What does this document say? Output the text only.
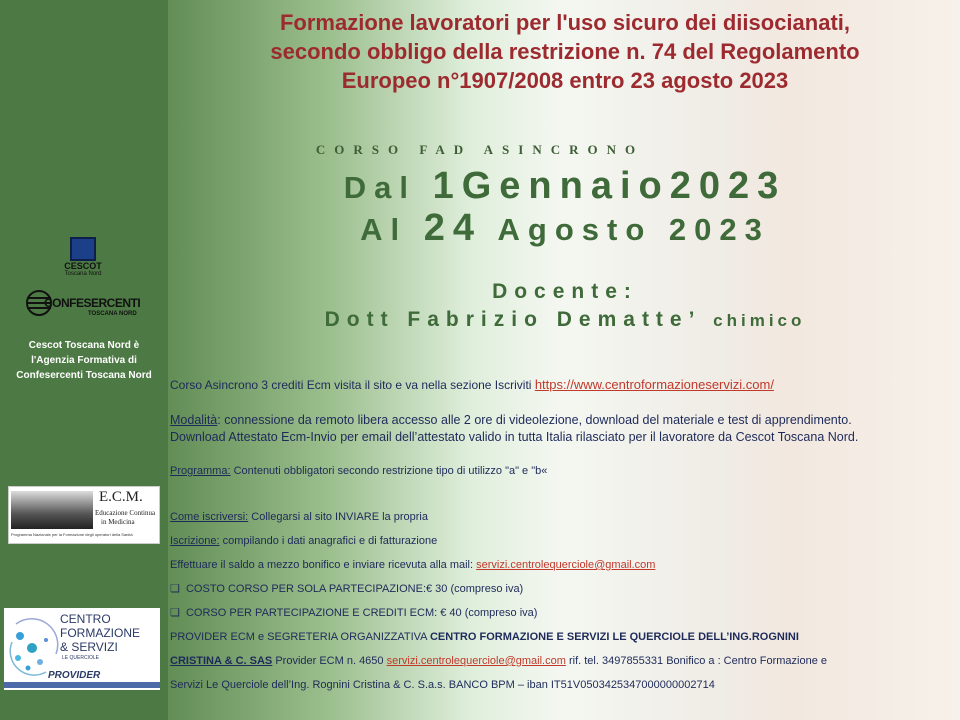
CESCOT
Toscana Nord
CONFESERCENTI
TOSCANA NORD
Cescot Toscana Nord è
l'Agenzia Formativa di
Confesercenti Toscana Nord
E.C.M.
Educazione Continua
in Medicina
Programma Nazionale per la Formazione degli operatori della Sanità
CENTRO
FORMAZIONE
& SERVIZI
LE QUERCIOLE
PROVIDER
Formazione lavoratori per l'uso sicuro dei diisocianati,
secondo obbligo della restrizione n. 74 del Regolamento
Europeo n°1907/2008 entro 23 agosto 2023
CORSO FAD ASINCRONO
Dal 1Gennaio2023
Al 24 Agosto 2023
Docente:
Dott Fabrizio Dematte’ chimico
Corso Asincrono 3 crediti Ecm visita il sito e va nella sezione Iscriviti https://www.centroformazioneservizi.com/
Modalità: connessione da remoto libera accesso alle 2 ore di videolezione, download del materiale e test di apprendimento.
Download Attestato Ecm-Invio per email dell’attestato valido in tutta Italia rilasciato per il lavoratore da Cescot Toscana Nord.
Programma: Contenuti obbligatori secondo restrizione tipo di utilizzo "a" e "b«
Come iscriversi: Collegarsi al sito INVIARE la propria
Iscrizione: compilando i dati anagrafici e di fatturazione
Effettuare il saldo a mezzo bonifico e inviare ricevuta alla mail: servizi.centrolequerciole@gmail.com
❏  COSTO CORSO PER SOLA PARTECIPAZIONE:€ 30 (compreso iva)
❏  CORSO PER PARTECIPAZIONE E CREDITI ECM: € 40 (compreso iva)
PROVIDER ECM e SEGRETERIA ORGANIZZATIVA CENTRO FORMAZIONE E SERVIZI LE QUERCIOLE DELL’ING.ROGNINI
CRISTINA & C. SAS Provider ECM n. 4650 servizi.centrolequerciole@gmail.com rif. tel. 3497855331 Bonifico a : Centro Formazione e
Servizi Le Querciole dell’Ing. Rognini Cristina & C. S.a.s. BANCO BPM – iban IT51V0503425347000000002714
